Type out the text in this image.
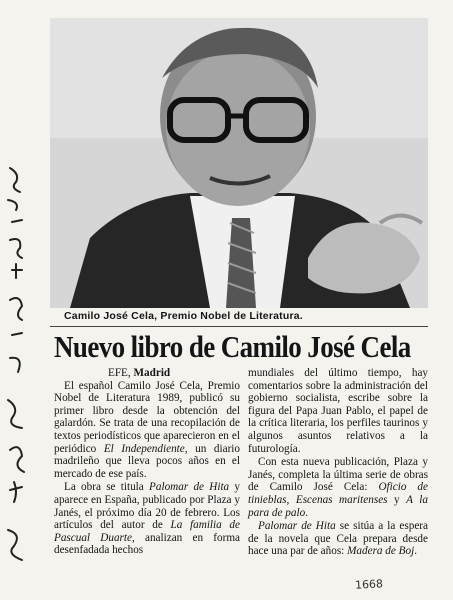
Camilo José Cela, Premio Nobel de Literatura.
Nuevo libro de Camilo José Cela
EFE, Madrid

El español Camilo José Cela, Premio Nobel de Literatura 1989, publicó su primer libro desde la obtención del galardón. Se trata de una recopilación de textos periodísticos que aparecieron en el periódico El Independiente, un diario madrileño que lleva pocos años en el mercado de ese país.

La obra se titula Palomar de Hita y aparece en España, publicado por Plaza y Janés, el próximo día 20 de febrero. Los artículos del autor de La familia de Pascual Duarte, analizan en forma desenfadada hechos

mundiales del último tiempo, hay comentarios sobre la administración del gobierno socialista, escribe sobre la figura del Papa Juan Pablo, el papel de la crítica literaria, los perfiles taurinos y algunos asuntos relativos a la futurología.

Con esta nueva publicación, Plaza y Janés, completa la última serie de obras de Camilo José Cela: Oficio de tinieblas, Escenas maritenses y A la para de palo.

Palomar de Hita se sitúa a la espera de la novela que Cela prepara desde hace una par de años: Madera de Boj.

1668
